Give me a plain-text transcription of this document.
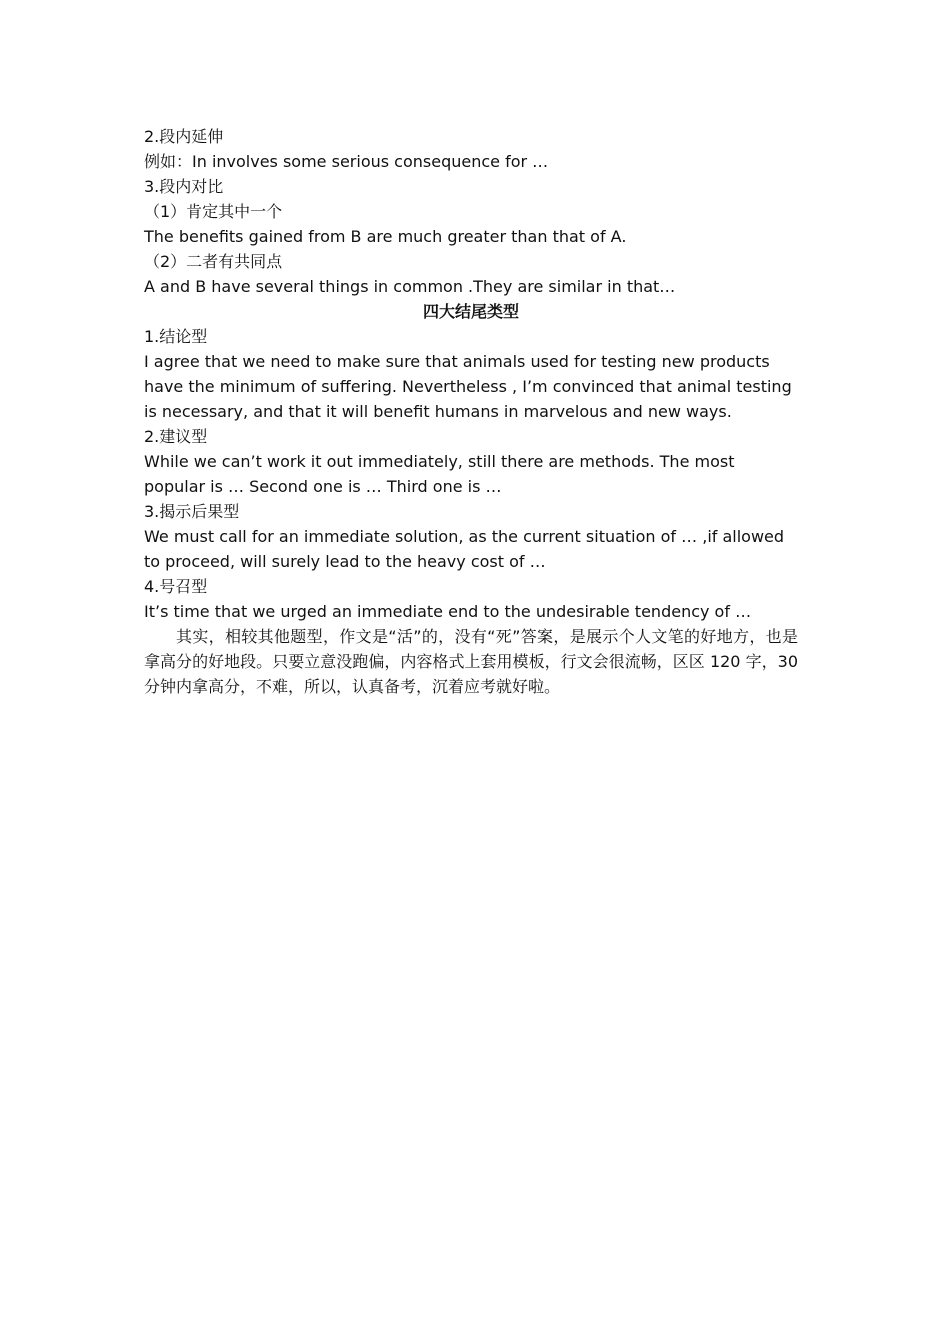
2.段内延伸

例如：In involves some serious consequence for …

3.段内对比

（1）肯定其中一个

The benefits gained from B are much greater than that of A.

（2）二者有共同点

A and B have several things in common .They are similar in that…

四大结尾类型

1.结论型

I agree that we need to make sure that animals used for testing new products have the minimum of suffering. Nevertheless , I’m convinced that animal testing is necessary, and that it will benefit humans in marvelous and new ways.

2.建议型

While we can’t work it out immediately, still there are methods. The most popular is … Second one is … Third one is …

3.揭示后果型

We must call for an immediate solution, as the current situation of … ,if allowed to proceed, will surely lead to the heavy cost of …

4.号召型

It’s time that we urged an immediate end to the undesirable tendency of …

其实，相较其他题型，作文是“活”的，没有“死”答案，是展示个人文笔的好地方，也是拿高分的好地段。只要立意没跑偏，内容格式上套用模板，行文会很流畅，区区 120 字，30 分钟内拿高分，不难，所以，认真备考，沉着应考就好啦。
